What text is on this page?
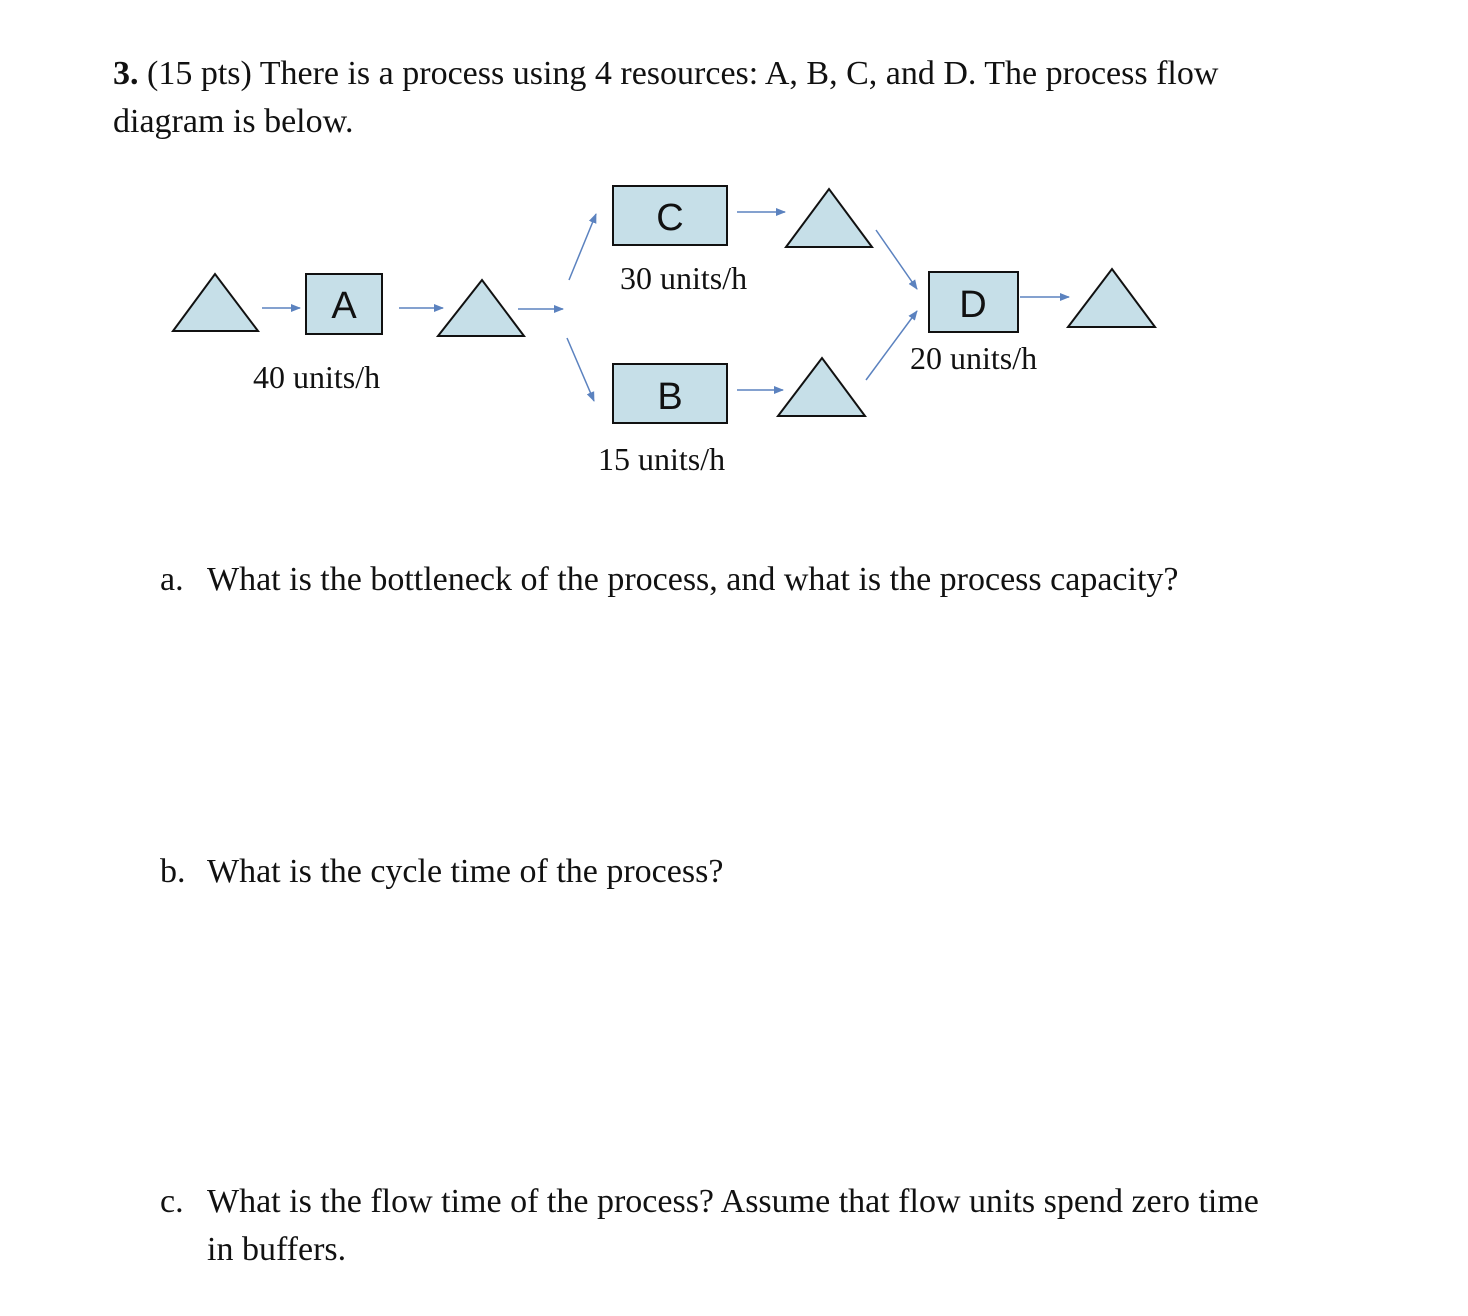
3. (15 pts) There is a process using 4 resources: A, B, C, and D. The process flow diagram is below.
A
C
B
D
40 units/h
30 units/h
15 units/h
20 units/h
a. What is the bottleneck of the process, and what is the process capacity?
b. What is the cycle time of the process?
c. What is the flow time of the process? Assume that flow units spend zero time in buffers.
